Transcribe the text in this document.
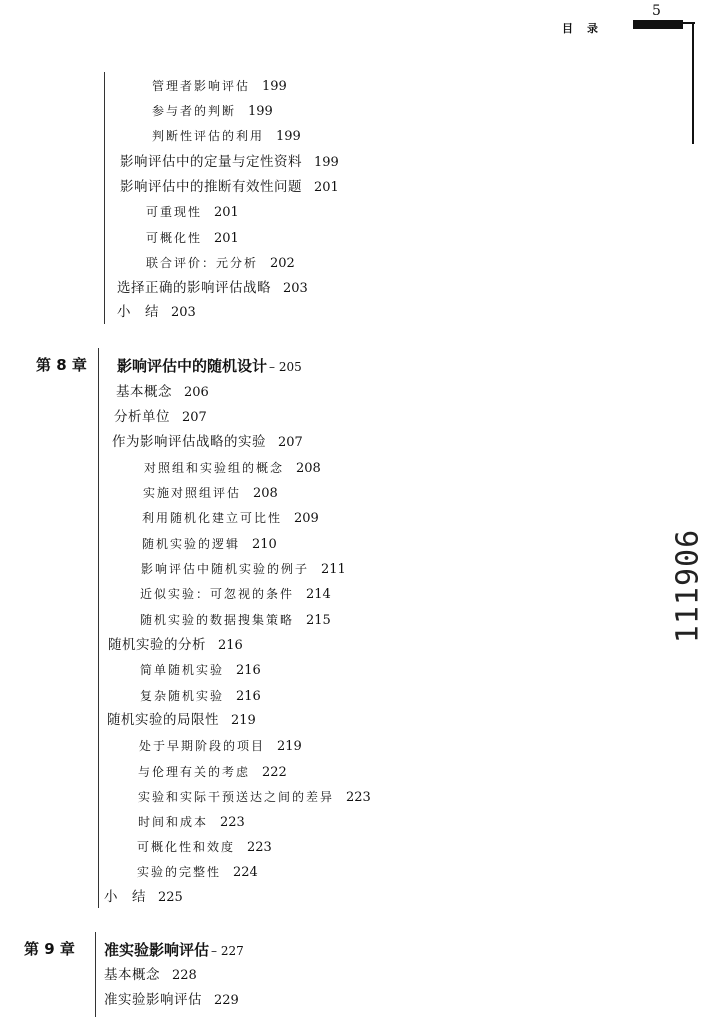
5
目录
111906
管理者影响评估 199
参与者的判断 199
判断性评估的利用 199
影响评估中的定量与定性资料 199
影响评估中的推断有效性问题 201
可重现性 201
可概化性 201
联合评价：元分析 202
选择正确的影响评估战略 203
小　结 203
第 8 章 影响评估中的随机设计 – 205
基本概念 206
分析单位 207
作为影响评估战略的实验 207
对照组和实验组的概念 208
实施对照组评估 208
利用随机化建立可比性 209
随机实验的逻辑 210
影响评估中随机实验的例子 211
近似实验：可忽视的条件 214
随机实验的数据搜集策略 215
随机实验的分析 216
简单随机实验 216
复杂随机实验 216
随机实验的局限性 219
处于早期阶段的项目 219
与伦理有关的考虑 222
实验和实际干预送达之间的差异 223
时间和成本 223
可概化性和效度 223
实验的完整性 224
小　结 225
第 9 章 准实验影响评估 – 227
基本概念 228
准实验影响评估 229
